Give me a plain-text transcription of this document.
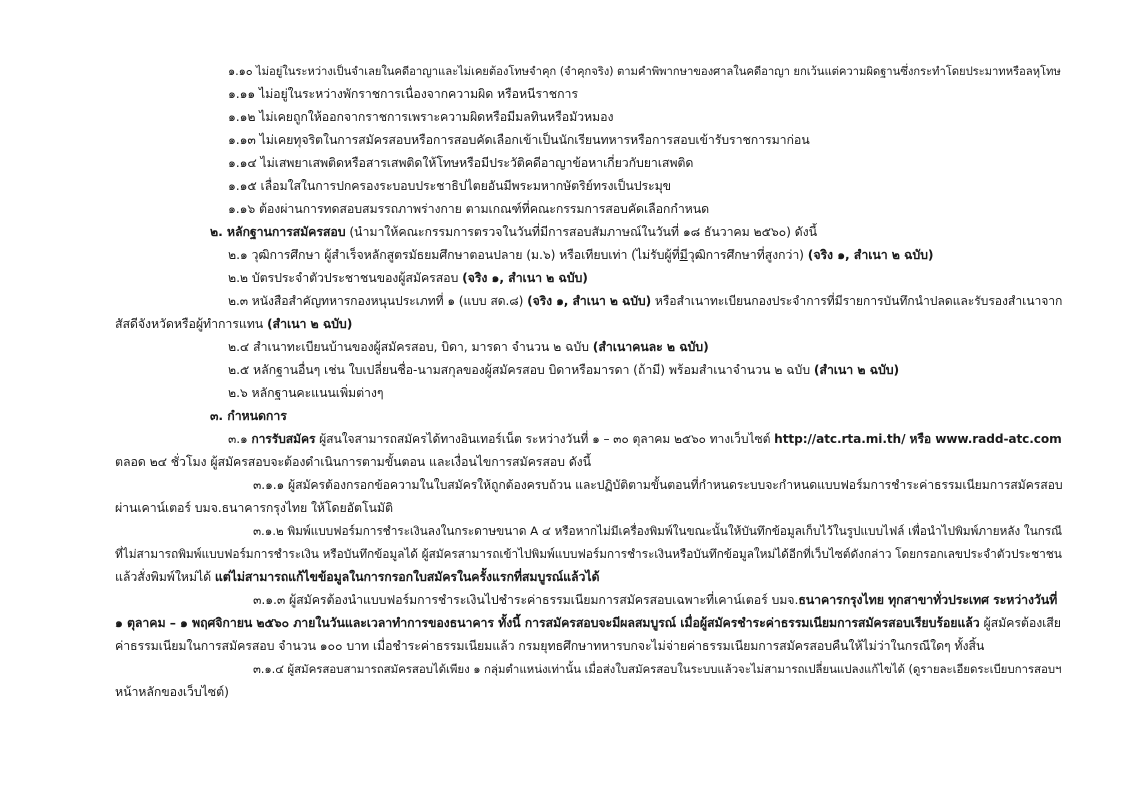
๑.๑๐ ไม่อยู่ในระหว่างเป็นจำเลยในคดีอาญาและไม่เคยต้องโทษจำคุก (จำคุกจริง) ตามคำพิพากษาของศาลในคดีอาญา ยกเว้นแต่ความผิดฐานซึ่งกระทำโดยประมาทหรือลหุโทษ
๑.๑๑ ไม่อยู่ในระหว่างพักราชการเนื่องจากความผิด หรือหนีราชการ
๑.๑๒ ไม่เคยถูกให้ออกจากราชการเพราะความผิดหรือมีมลทินหรือมัวหมอง
๑.๑๓ ไม่เคยทุจริตในการสมัครสอบหรือการสอบคัดเลือกเข้าเป็นนักเรียนทหารหรือการสอบเข้ารับราชการมาก่อน
๑.๑๔ ไม่เสพยาเสพติดหรือสารเสพติดให้โทษหรือมีประวัติคดีอาญาข้อหาเกี่ยวกับยาเสพติด
๑.๑๕ เลื่อมใสในการปกครองระบอบประชาธิปไตยอันมีพระมหากษัตริย์ทรงเป็นประมุข
๑.๑๖ ต้องผ่านการทดสอบสมรรถภาพร่างกาย ตามเกณฑ์ที่คณะกรรมการสอบคัดเลือกกำหนด
๒. หลักฐานการสมัครสอบ (นำมาให้คณะกรรมการตรวจในวันที่มีการสอบสัมภาษณ์ในวันที่ ๑๘ ธันวาคม ๒๕๖๐) ดังนี้
๒.๑ วุฒิการศึกษา ผู้สำเร็จหลักสูตรมัธยมศึกษาตอนปลาย (ม.๖) หรือเทียบเท่า (ไม่รับผู้ที่มีวุฒิการศึกษาที่สูงกว่า) (จริง ๑, สำเนา ๒ ฉบับ)
๒.๒ บัตรประจำตัวประชาชนของผู้สมัครสอบ (จริง ๑, สำเนา ๒ ฉบับ)
๒.๓ หนังสือสำคัญทหารกองหนุนประเภทที่ ๑ (แบบ สด.๘) (จริง ๑, สำเนา ๒ ฉบับ) หรือสำเนาทะเบียนกองประจำการที่มีรายการบันทึกนำปลดและรับรองสำเนาจาก
สัสดีจังหวัดหรือผู้ทำการแทน (สำเนา ๒ ฉบับ)
๒.๔ สำเนาทะเบียนบ้านของผู้สมัครสอบ, บิดา, มารดา จำนวน ๒ ฉบับ (สำเนาคนละ ๒ ฉบับ)
๒.๕ หลักฐานอื่นๆ เช่น ใบเปลี่ยนชื่อ-นามสกุลของผู้สมัครสอบ บิดาหรือมารดา (ถ้ามี) พร้อมสำเนาจำนวน ๒ ฉบับ (สำเนา ๒ ฉบับ)
๒.๖ หลักฐานคะแนนเพิ่มต่างๆ
๓. กำหนดการ
๓.๑ การรับสมัคร ผู้สนใจสามารถสมัครได้ทางอินเทอร์เน็ต ระหว่างวันที่ ๑ – ๓๐ ตุลาคม ๒๕๖๐ ทางเว็บไซต์ http://atc.rta.mi.th/ หรือ www.radd-atc.com
ตลอด ๒๔ ชั่วโมง ผู้สมัครสอบจะต้องดำเนินการตามขั้นตอน และเงื่อนไขการสมัครสอบ ดังนี้
๓.๑.๑ ผู้สมัครต้องกรอกข้อความในใบสมัครให้ถูกต้องครบถ้วน และปฏิบัติตามขั้นตอนที่กำหนดระบบจะกำหนดแบบฟอร์มการชำระค่าธรรมเนียมการสมัครสอบ
ผ่านเคาน์เตอร์ บมจ.ธนาคารกรุงไทย ให้โดยอัตโนมัติ
๓.๑.๒ พิมพ์แบบฟอร์มการชำระเงินลงในกระดาษขนาด A ๔ หรือหากไม่มีเครื่องพิมพ์ในขณะนั้นให้บันทึกข้อมูลเก็บไว้ในรูปแบบไฟล์ เพื่อนำไปพิมพ์ภายหลัง ในกรณี
ที่ไม่สามารถพิมพ์แบบฟอร์มการชำระเงิน หรือบันทึกข้อมูลได้ ผู้สมัครสามารถเข้าไปพิมพ์แบบฟอร์มการชำระเงินหรือบันทึกข้อมูลใหม่ได้อีกที่เว็บไซต์ดังกล่าว โดยกรอกเลขประจำตัวประชาชน
แล้วสั่งพิมพ์ใหม่ได้ แต่ไม่สามารถแก้ไขข้อมูลในการกรอกใบสมัครในครั้งแรกที่สมบูรณ์แล้วได้
๓.๑.๓ ผู้สมัครต้องนำแบบฟอร์มการชำระเงินไปชำระค่าธรรมเนียมการสมัครสอบเฉพาะที่เคาน์เตอร์ บมจ.ธนาคารกรุงไทย ทุกสาขาทั่วประเทศ ระหว่างวันที่
๑ ตุลาคม – ๑ พฤศจิกายน ๒๕๖๐ ภายในวันและเวลาทำการของธนาคาร ทั้งนี้ การสมัครสอบจะมีผลสมบูรณ์ เมื่อผู้สมัครชำระค่าธรรมเนียมการสมัครสอบเรียบร้อยแล้ว ผู้สมัครต้องเสีย
ค่าธรรมเนียมในการสมัครสอบ จำนวน ๑๐๐ บาท เมื่อชำระค่าธรรมเนียมแล้ว กรมยุทธศึกษาทหารบกจะไม่จ่ายค่าธรรมเนียมการสมัครสอบคืนให้ไม่ว่าในกรณีใดๆ ทั้งสิ้น
๓.๑.๔ ผู้สมัครสอบสามารถสมัครสอบได้เพียง ๑ กลุ่มตำแหน่งเท่านั้น เมื่อส่งใบสมัครสอบในระบบแล้วจะไม่สามารถเปลี่ยนแปลงแก้ไขได้ (ดูรายละเอียดระเบียบการสอบฯ
หน้าหลักของเว็บไซต์)
